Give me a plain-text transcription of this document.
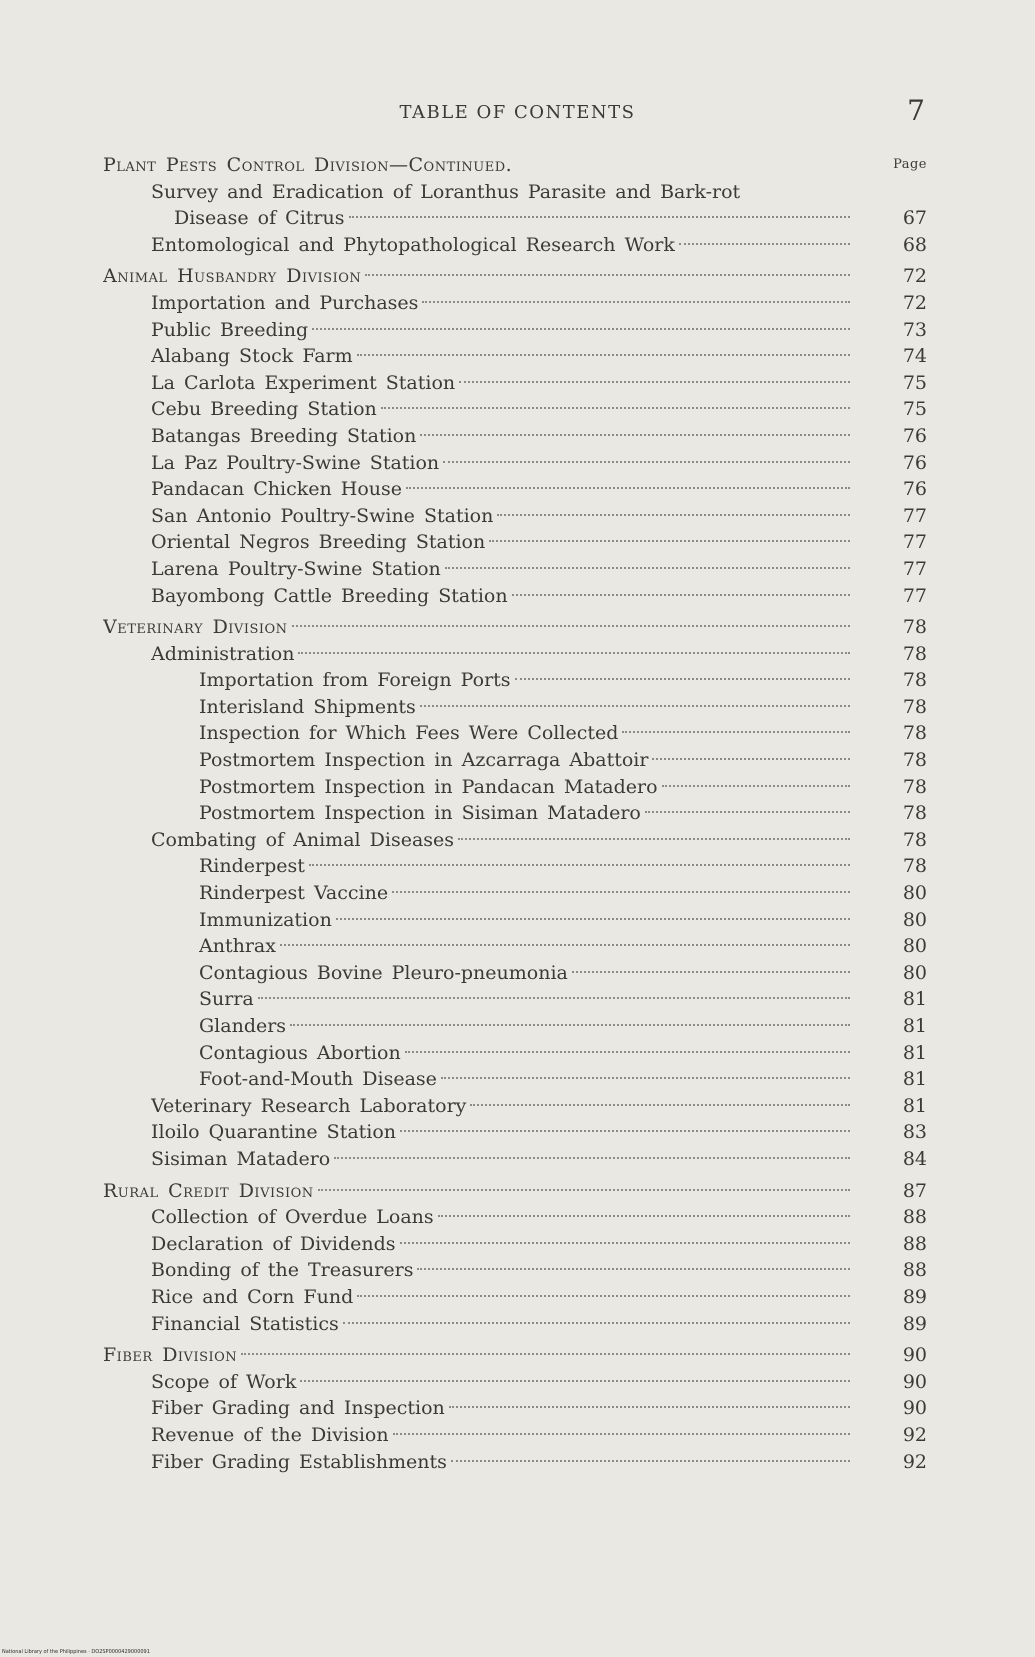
TABLE OF CONTENTS	7
Plant Pests Control Division—Continued.	Page
Survey and Eradication of Loranthus Parasite and Bark-rot
Disease of Citrus	67
Entomological and Phytopathological Research Work	68
Animal Husbandry Division	72
Importation and Purchases	72
Public Breeding	73
Alabang Stock Farm	74
La Carlota Experiment Station	75
Cebu Breeding Station	75
Batangas Breeding Station	76
La Paz Poultry-Swine Station	76
Pandacan Chicken House	76
San Antonio Poultry-Swine Station	77
Oriental Negros Breeding Station	77
Larena Poultry-Swine Station	77
Bayombong Cattle Breeding Station	77
Veterinary Division	78
Administration	78
Importation from Foreign Ports	78
Interisland Shipments	78
Inspection for Which Fees Were Collected	78
Postmortem Inspection in Azcarraga Abattoir	78
Postmortem Inspection in Pandacan Matadero	78
Postmortem Inspection in Sisiman Matadero	78
Combating of Animal Diseases	78
Rinderpest	78
Rinderpest Vaccine	80
Immunization	80
Anthrax	80
Contagious Bovine Pleuro-pneumonia	80
Surra	81
Glanders	81
Contagious Abortion	81
Foot-and-Mouth Disease	81
Veterinary Research Laboratory	81
Iloilo Quarantine Station	83
Sisiman Matadero	84
Rural Credit Division	87
Collection of Overdue Loans	88
Declaration of Dividends	88
Bonding of the Treasurers	88
Rice and Corn Fund	89
Financial Statistics	89
Fiber Division	90
Scope of Work	90
Fiber Grading and Inspection	90
Revenue of the Division	92
Fiber Grading Establishments	92
National Library of the Philippines · DO2SP0000429000091
